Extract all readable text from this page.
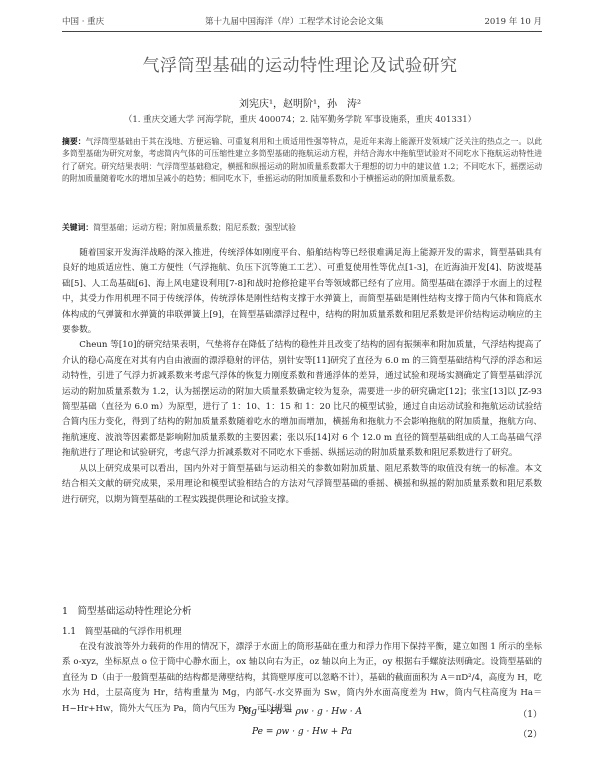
中国 · 重庆	第十九届中国海洋（岸）工程学术讨论会论文集	2019 年 10 月
气浮筒型基础的运动特性理论及试验研究
刘宪庆¹，赵明阶¹，孙　涛²
（1. 重庆交通大学 河海学院，重庆 400074；2. 陆军勤务学院 军事设施系，重庆 401331）
摘要：气浮筒型基础由于其在浅地、方便运输、可重复利用和土质适用性强等特点，是近年来海上能源开发领域广泛关注的热点之一。以此多筒型基础为研究对象，考虑简内气体的可压缩性建立多筒型基础的拖航运动方程，并结合海水中拖航型试验对不同吃水下拖航运动特性进行了研究。研究结果表明：气浮筒型基础稳定，横摇和纵摇运动的附加质量系数都大于理想的切力中的建议值 1.2；不同吃水下，摇摆运动的附加质量随着吃水的增加呈减小的趋势；相同吃水下，垂摇运动的附加质量系数和小于横摇运动的附加质量系数。
关键词：简型基础；运动方程；附加质量系数；阻尼系数；强型试验

随着国家开发海洋战略的深入推进，传统浮体如刚度平台、船舶结构等已经很难满足海上能源开发的需求，简型基础具有良好的地质适应性、施工方便性（气浮拖航、负压下沉等施工工艺）、可重复使用性等优点[1-3]，在近海油开发[4]、防波堤基础[5]、人工岛基础[6]、海上风电建设利用[7-8]和战时抢修抢建平台等领域都已经有了应用。简型基础在漂浮于水面上的过程中，其受力作用机理不同于传统浮体，传统浮体是刚性结构支撑于水弹簧上，而简型基础是刚性结构支撑于筒内气体和筒底水体构成的气弹簧和水弹簧的串联弹簧上[9]，在简型基础漂浮过程中，结构的附加质量系数和阻尼系数是评价结构运动响应的主要参数。

Cheun 等[10]的研究结果表明，气垫将存在降低了结构的稳性并且改变了结构的固有振频率和附加质量，气浮结构提高了介认的稳心高度在对其有内自由液面的漂浮稳射的评估，别针安等[11]研究了直径为 6.0 m 的三筒型基础结构气浮的浮态和运动特性，引进了气浮力折减系数来考虑气浮体的恢复力刚度系数和普通浮体的差异，通过试验和现场实测确定了简型基础浮沉运动的附加质量系数为 1.2，认为摇摆运动的附加大质量系数确定较为复杂，需要进一步的研究确定[12]；张宝[13]以 JZ-93 简型基础（直径为 6.0 m）为原型，进行了 1：10、1：15 和 1：20 比尺的模型试验，通过自由运动试验和拖航运动试验结合简内压力变化，得到了结构的附加质量系数随着吃水的增加而增加，横摇角和拖航力不会影响拖航的附加质量，拖航方向、拖航速度、波浪等因素都是影响附加质量系数的主要因素；张以乐[14]对 6 个 12.0 m 直径的简型基础组成的人工岛基础气浮拖航进行了理论和试验研究，考虑气浮力折减系数对不同吃水下垂摇、纵摇运动的附加质量系数和阻尼系数进行了研究。

从以上研究成果可以看出，国内外对于简型基础与运动相关的参数如附加质量、阻尼系数等的取值没有统一的标准。本文结合相关文献的研究成果，采用理论和模型试验相结合的方法对气浮简型基础的垂摇、横摇和纵摇的附加质量系数和阻尼系数进行研究，以期为简型基础的工程实践提供理论和试验支撑。

1　简型基础运动特性理论分析
1.1　简型基础的气浮作用机理

在没有波浪等外力载荷的作用的情况下，漂浮于水面上的筒形基础在重力和浮力作用下保持平衡，建立如图 1 所示的坐标系 o-xyz，坐标原点 o 位于筒中心静水面上，ox 轴以向右为正，oz 轴以向上为正，oy 根据右手螺旋法则确定。设筒型基础的直径为 D（由于一般简型基础的结构都是薄壁结构，其筒壁厚度可以忽略不计），基础的截面面积为 A＝πD²/4，高度为 H，吃水为 Hd，土层高度为 Hr，结构重量为 Mg，内部气-水交界面为 Sw，筒内外水面高度差为 Hw，筒内气柱高度为 Ha＝H−Hr+Hw，筒外大气压为 Pa，筒内气压为 Pe，可以得到

Mg = Fb = ρw · g · Hw · A	（1）
Pe = ρw · g · Hw + Pa	（2）
